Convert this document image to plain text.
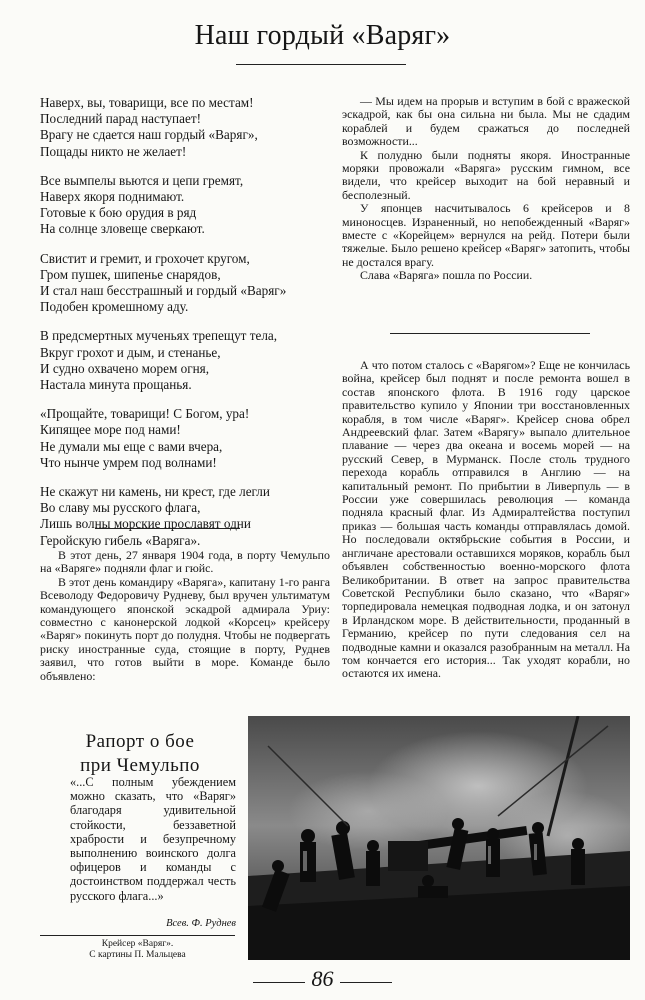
Наш гордый «Варяг»
Наверх, вы, товарищи, все по местам!
Последний парад наступает!
Врагу не сдается наш гордый «Варяг»,
Пощады никто не желает!
Все вымпелы вьются и цепи гремят,
Наверх якоря поднимают.
Готовые к бою орудия в ряд
На солнце зловеще сверкают.
Свистит и гремит, и грохочет кругом,
Гром пушек, шипенье снарядов,
И стал наш бесстрашный и гордый «Варяг»
Подобен кромешному аду.
В предсмертных мученьях трепещут тела,
Вкруг грохот и дым, и стенанье,
И судно охвачено морем огня,
Настала минута прощанья.
«Прощайте, товарищи! С Богом, ура!
Кипящее море под нами!
Не думали мы еще с вами вчера,
Что нынче умрем под волнами!
Не скажут ни камень, ни крест, где легли
Во славу мы русского флага,
Лишь волны морские прославят одни
Геройскую гибель «Варяга».

В этот день, 27 января 1904 года, в порту Чемульпо на «Варяге» подняли флаг и гюйс.

В этот день командиру «Варяга», капитану 1-го ранга Всеволоду Федоровичу Рудневу, был вручен ультиматум командующего японской эскадрой адмирала Уриу: совместно с канонерской лодкой «Корсец» крейсеру «Варяг» покинуть порт до полудня. Чтобы не подвергать риску иностранные суда, стоящие в порту, Руднев заявил, что готов выйти в море. Команде было объявлено:

— Мы идем на прорыв и вступим в бой с вражеской эскадрой, как бы она сильна ни была. Мы не сдадим кораблей и будем сражаться до последней возможности...

К полудню были подняты якоря. Иностранные моряки провожали «Варяга» русским гимном, все видели, что крейсер выходит на бой неравный и бесполезный.

У японцев насчитывалось 6 крейсеров и 8 миноносцев. Израненный, но непобежденный «Варяг» вместе с «Корейцем» вернулся на рейд. Потери были тяжелые. Было решено крейсер «Варяг» затопить, чтобы не достался врагу.

Слава «Варяга» пошла по России.

А что потом сталось с «Варягом»? Еще не кончилась война, крейсер был поднят и после ремонта вошел в состав японского флота. В 1916 году царское правительство купило у Японии три восстановленных корабля, в том числе «Варяг». Крейсер снова обрел Андреевский флаг. Затем «Варягу» выпало длительное плавание — через два океана и восемь морей — на русский Север, в Мурманск. После столь трудного перехода корабль отправился в Англию — на капитальный ремонт. По прибытии в Ливерпуль — в России уже совершилась революция — команда подняла красный флаг. Из Адмиралтейства поступил приказ — большая часть команды отправлялась домой. Но последовали октябрьские события в России, и англичане арестовали оставшихся моряков, корабль был объявлен собственностью военно-морского флота Великобритании. В ответ на запрос правительства Советской Республики было сказано, что «Варяг» торпедировала немецкая подводная лодка, и он затонул в Ирландском море. В действительности, проданный в Германию, крейсер по пути следования сел на подводные камни и оказался разобранным на металл. На том кончается его история... Так уходят корабли, но остаются их имена.

Рапорт о бое
при Чемульпо
«...С полным убеждением можно сказать, что «Варяг» благодаря удивительной стойкости, беззаветной храбрости и безупречному выполнению воинского долга офицеров и команды с достоинством поддержал честь русского флага...»
Всев. Ф. Руднев
Крейсер «Варяг».
С картины П. Мальцева
86
